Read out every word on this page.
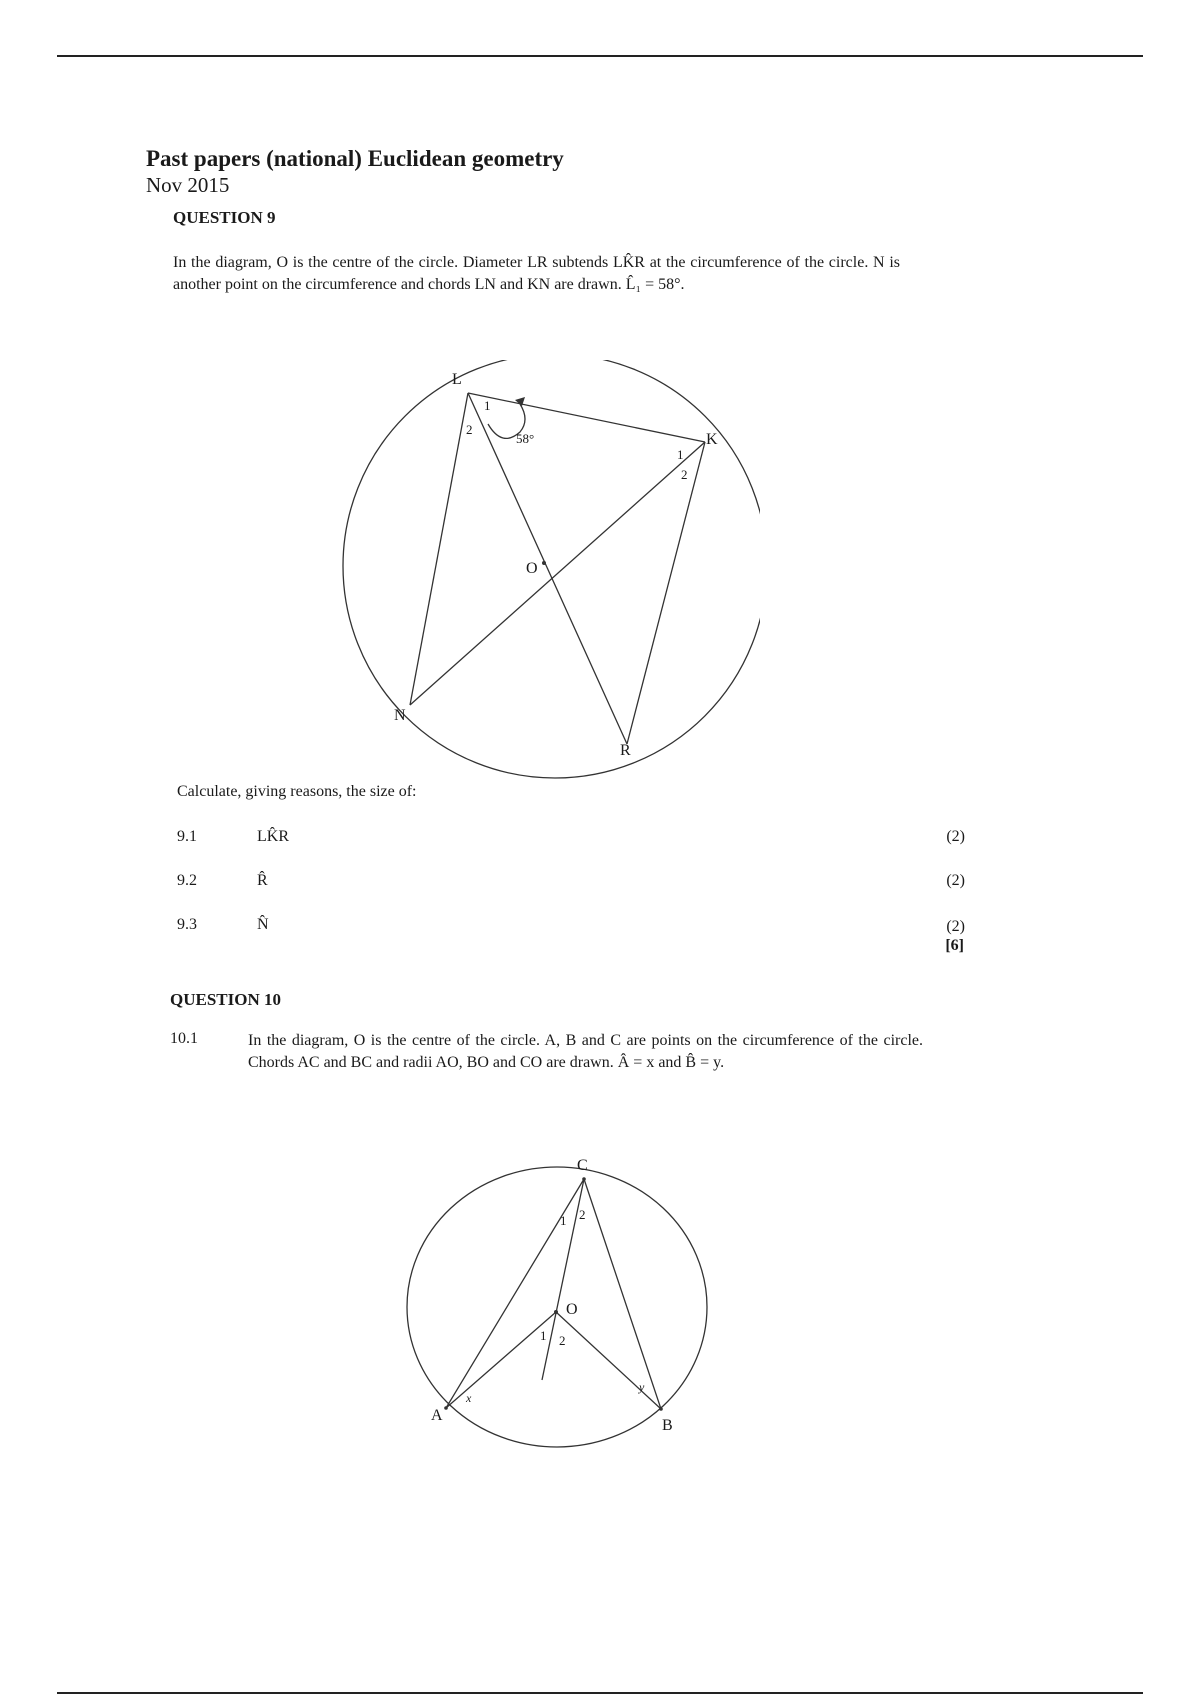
Past papers (national) Euclidean geometry
Nov 2015
QUESTION 9
In the diagram, O is the centre of the circle. Diameter LR subtends LK̂R at the circumference of the circle. N is another point on the circumference and chords LN and KN are drawn. L̂₁ = 58°.
L
K
N
R
O
1
2
1
2
58°
Calculate, giving reasons, the size of:
9.1	LK̂R	(2)
9.2	R̂	(2)
9.3	N̂	(2)
[6]
QUESTION 10
10.1	In the diagram, O is the centre of the circle. A, B and C are points on the circumference of the circle. Chords AC and BC and radii AO, BO and CO are drawn. Â = x and B̂ = y.
C
O
A
B
1 2
1 2
x
y
